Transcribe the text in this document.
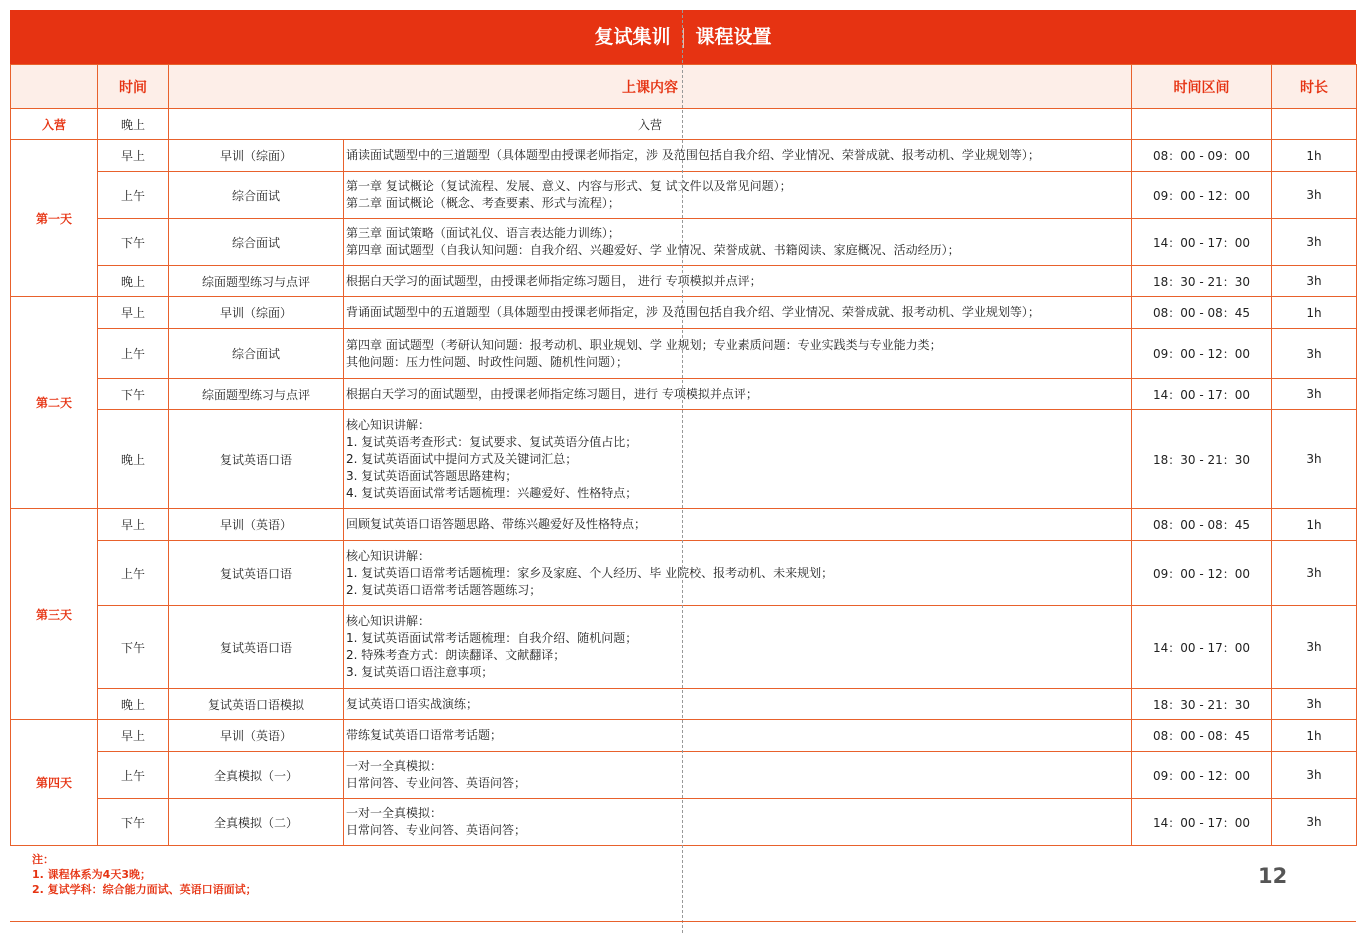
复试集训 课程设置
	时间	上课内容		时间区间	时长
入营	晚上	入营			
第一天	早上	早训（综面）	诵读面试题型中的三道题型（具体题型由授课老师指定，涉 及范围包括自我介绍、学业情况、荣誉成就、报考动机、学业规划等）；	08：00 - 09：00	1h
	上午	综合面试	第一章 复试概论（复试流程、发展、意义、内容与形式、复 试文件以及常见问题）；
第二章 面试概论（概念、考查要素、形式与流程）；	09：00 - 12：00	3h
	下午	综合面试	第三章 面试策略（面试礼仪、语言表达能力训练）；
第四章 面试题型（自我认知问题：自我介绍、兴趣爱好、学 业情况、荣誉成就、书籍阅读、家庭概况、活动经历）；	14：00 - 17：00	3h
	晚上	综面题型练习与点评	根据白天学习的面试题型，由授课老师指定练习题目， 进行 专项模拟并点评；	18：30 - 21：30	3h
第二天	早上	早训（综面）	背诵面试题型中的五道题型（具体题型由授课老师指定，涉 及范围包括自我介绍、学业情况、荣誉成就、报考动机、学业规划等）；	08：00 - 08：45	1h
	上午	综合面试	第四章 面试题型（考研认知问题：报考动机、职业规划、学 业规划；专业素质问题：专业实践类与专业能力类；
其他问题：压力性问题、时政性问题、随机性问题）；	09：00 - 12：00	3h
	下午	综面题型练习与点评	根据白天学习的面试题型，由授课老师指定练习题目，进行 专项模拟并点评；	14：00 - 17：00	3h
	晚上	复试英语口语	核心知识讲解：
1. 复试英语考查形式：复试要求、复试英语分值占比；
2. 复试英语面试中提问方式及关键词汇总；
3. 复试英语面试答题思路建构；
4. 复试英语面试常考话题梳理：兴趣爱好、性格特点；	18：30 - 21：30	3h
第三天	早上	早训（英语）	回顾复试英语口语答题思路、带练兴趣爱好及性格特点；	08：00 - 08：45	1h
	上午	复试英语口语	核心知识讲解：
1. 复试英语口语常考话题梳理：家乡及家庭、个人经历、毕 业院校、报考动机、未来规划；
2. 复试英语口语常考话题答题练习；	09：00 - 12：00	3h
	下午	复试英语口语	核心知识讲解：
1. 复试英语面试常考话题梳理：自我介绍、随机问题；
2. 特殊考查方式：朗读翻译、文献翻译；
3. 复试英语口语注意事项；	14：00 - 17：00	3h
	晚上	复试英语口语模拟	复试英语口语实战演练；	18：30 - 21：30	3h
第四天	早上	早训（英语）	带练复试英语口语常考话题；	08：00 - 08：45	1h
	上午	全真模拟（一）	一对一全真模拟：
日常问答、专业问答、英语问答；	09：00 - 12：00	3h
	下午	全真模拟（二）	一对一全真模拟：
日常问答、专业问答、英语问答；	14：00 - 17：00	3h
注：
1. 课程体系为4天3晚；
2. 复试学科：综合能力面试、英语口语面试；
12
